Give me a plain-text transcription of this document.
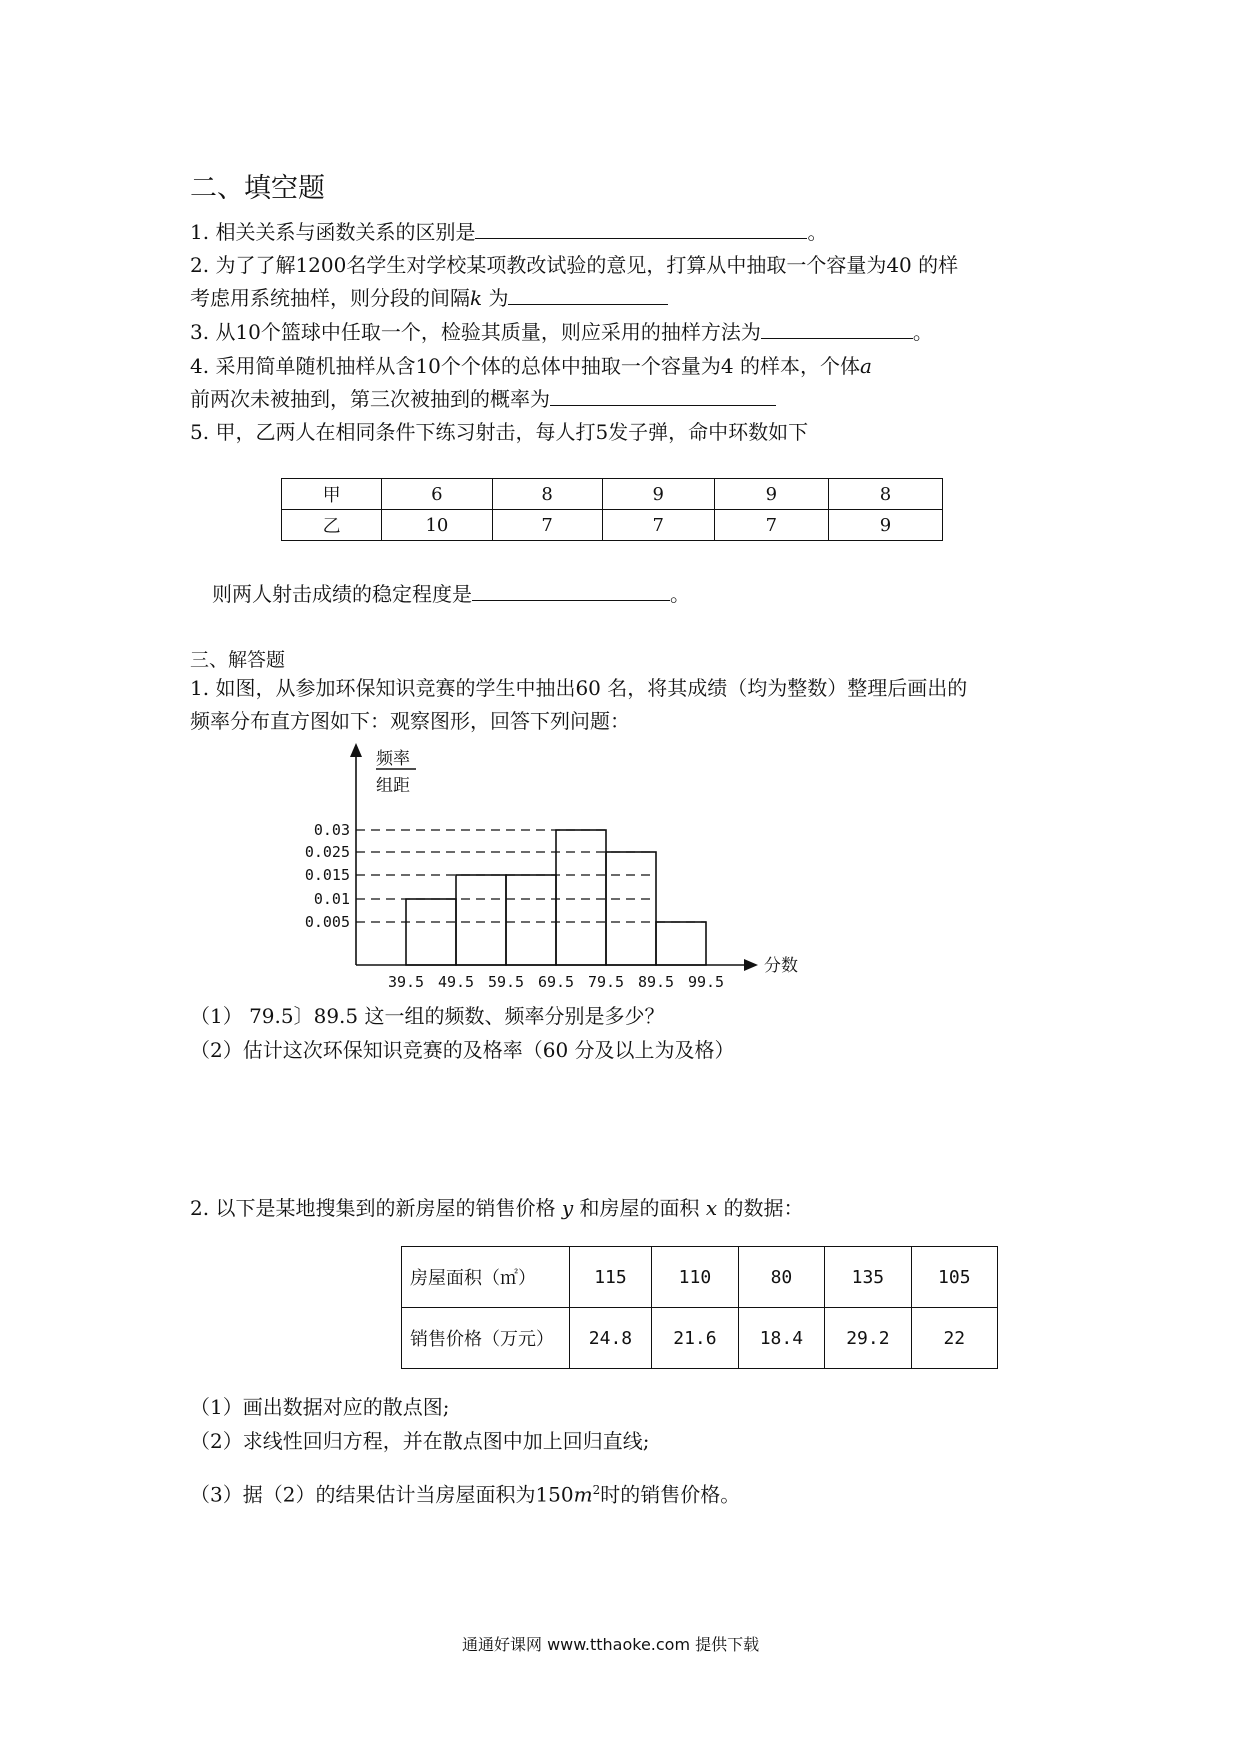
二、填空题
1. 相关关系与函数关系的区别是	。
2. 为了了解1200名学生对学校某项教改试验的意见，打算从中抽取一个容量为40 的样
考虑用系统抽样，则分段的间隔k 为
3. 从10个篮球中任取一个，检验其质量，则应采用的抽样方法为	。
4. 采用简单随机抽样从含10个个体的总体中抽取一个容量为4 的样本，个体a
前两次未被抽到，第三次被抽到的概率为
5. 甲，乙两人在相同条件下练习射击，每人打5发子弹，命中环数如下
甲	6	8	9	9	8
乙	10	7	7	7	9
则两人射击成绩的稳定程度是	。
三、解答题
1. 如图，从参加环保知识竞赛的学生中抽出60 名，将其成绩（均为整数）整理后画出的
频率分布直方图如下：观察图形，回答下列问题：
频率
组距
分数
0.03
0.025
0.015
0.01
0.005
39.5 49.5 59.5 69.5 79.5 89.5 99.5
（1） 79.5〕89.5 这一组的频数、频率分别是多少？
（2）估计这次环保知识竞赛的及格率（60 分及以上为及格）
2. 以下是某地搜集到的新房屋的销售价格 y 和房屋的面积 x 的数据：
房屋面积（㎡）	115	110	80	135	105
销售价格（万元）	24.8	21.6	18.4	29.2	22
（1）画出数据对应的散点图;
（2）求线性回归方程，并在散点图中加上回归直线;
（3）据（2）的结果估计当房屋面积为$150m^2$时的销售价格。
通通好课网 www.tthaoke.com 提供下载
